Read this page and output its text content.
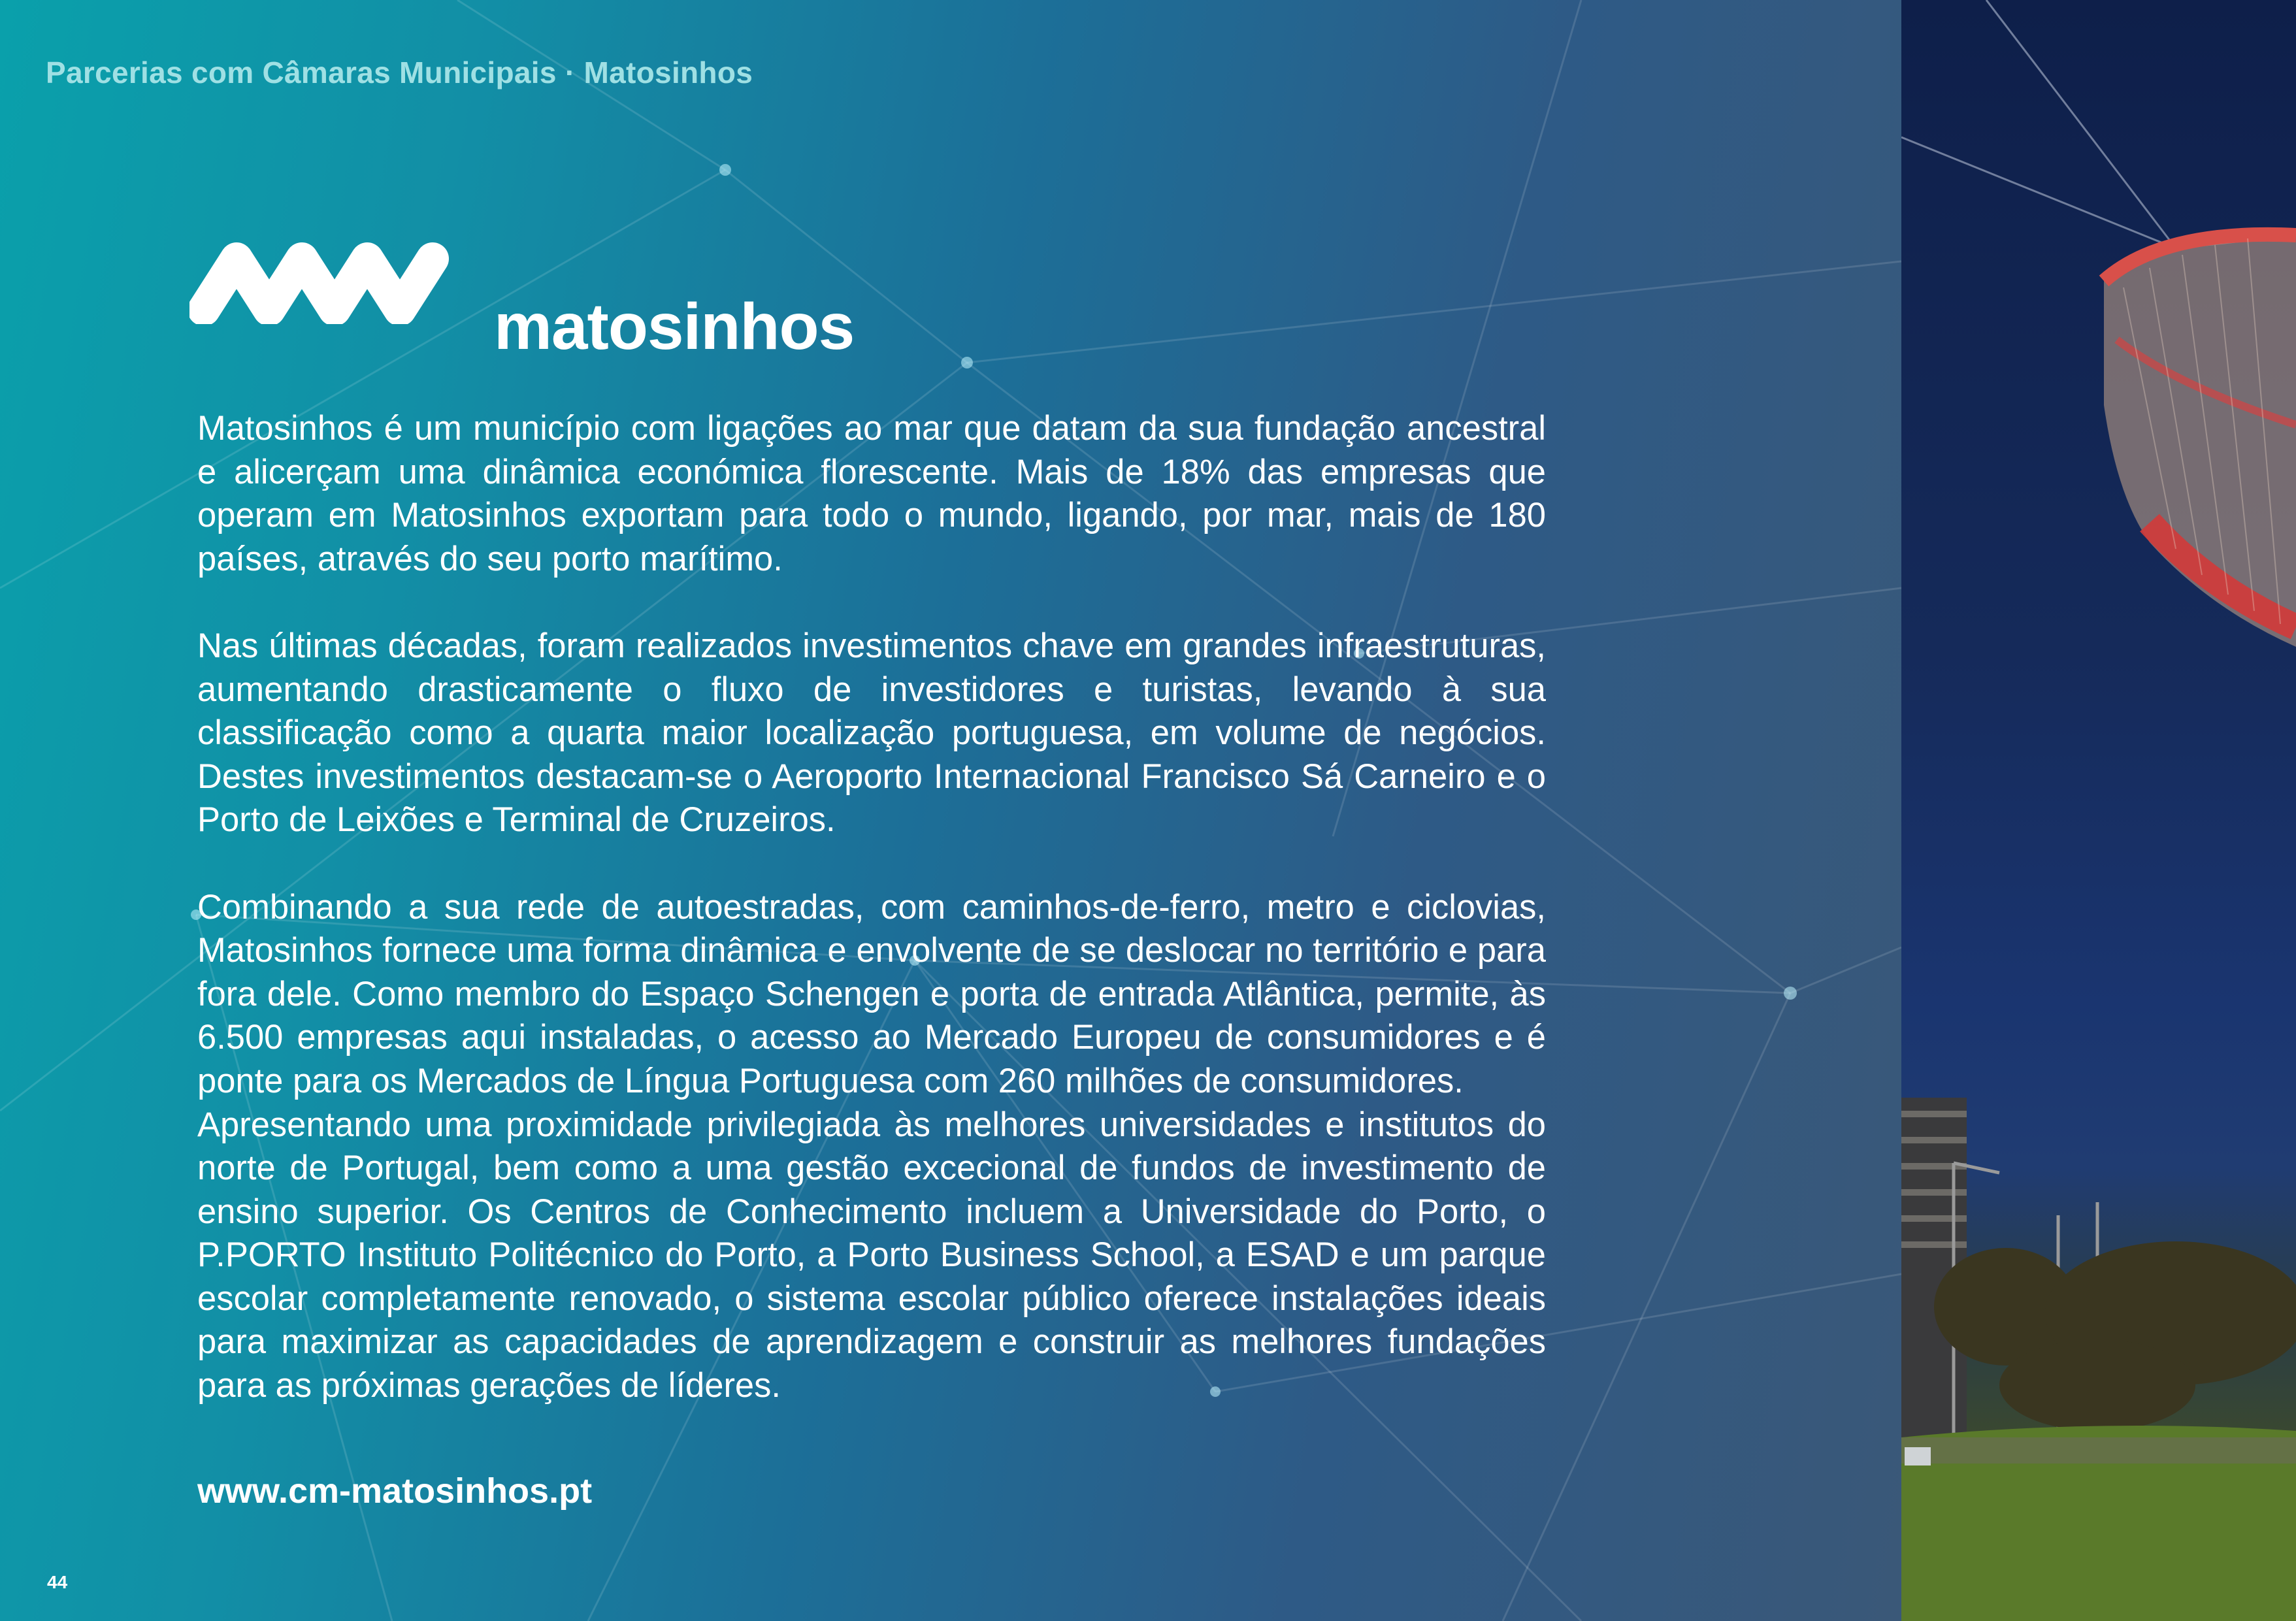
Parcerias com Câmaras Municipais · Matosinhos
matosinhos

Matosinhos é um município com ligações ao mar que datam da sua fundação ancestral e alicerçam uma dinâmica económica florescente. Mais de 18% das empresas que operam em Matosinhos exportam para todo o mundo, ligando, por mar, mais de 180 países, através do seu porto marítimo.

Nas últimas décadas, foram realizados investimentos chave em grandes infraestruturas, aumentando drasticamente o fluxo de investidores e turistas, levando à sua classificação como a quarta maior localização portuguesa, em volume de negócios. Destes investimentos destacam-se o Aeroporto Internacional Francisco Sá Carneiro e o Porto de Leixões e Terminal de Cruzeiros.

Combinando a sua rede de autoestradas, com caminhos-de-ferro, metro e ciclovias, Matosinhos fornece uma forma dinâmica e envolvente de se deslocar no território e para fora dele. Como membro do Espaço Schengen e porta de entrada Atlântica, permite, às 6.500 empresas aqui instaladas, o acesso ao Mercado Europeu de consumidores e é ponte para os Mercados de Língua Portuguesa com 260 milhões de consumidores.

Apresentando uma proximidade privilegiada às melhores universidades e institutos do norte de Portugal, bem como a uma gestão excecional de fundos de investimento de ensino superior. Os Centros de Conhecimento incluem a Universidade do Porto, o P.PORTO Instituto Politécnico do Porto, a Porto Business School, a ESAD e um parque escolar completamente renovado, o sistema escolar público oferece instalações ideais para maximizar as capacidades de aprendizagem e construir as melhores fundações para as próximas gerações de líderes.

www.cm-matosinhos.pt
44
